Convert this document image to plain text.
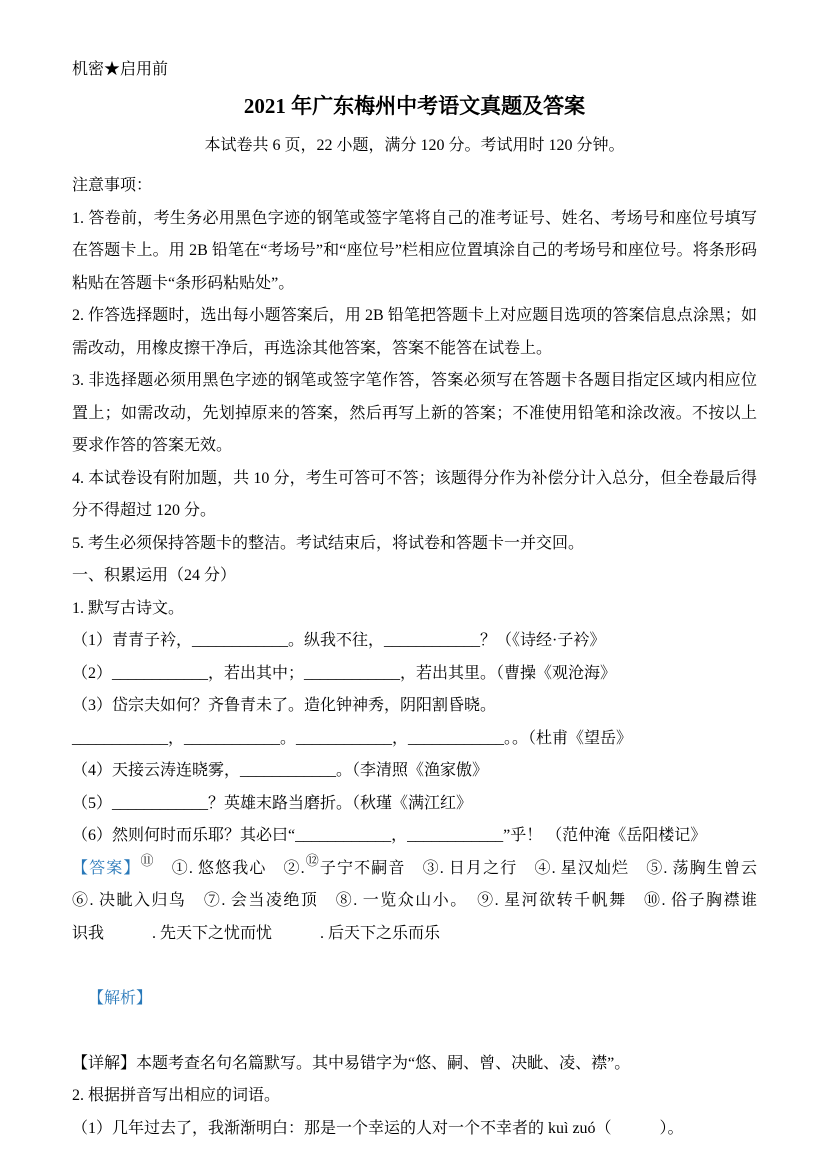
机密★启用前
2021 年广东梅州中考语文真题及答案
本试卷共 6 页，22 小题，满分 120 分。考试用时 120 分钟。
注意事项：
1. 答卷前，考生务必用黑色字迹的钢笔或签字笔将自己的准考证号、姓名、考场号和座位号填写在答题卡上。用 2B 铅笔在“考场号”和“座位号”栏相应位置填涂自己的考场号和座位号。将条形码粘贴在答题卡“条形码粘贴处”。
2. 作答选择题时，选出每小题答案后，用 2B 铅笔把答题卡上对应题目选项的答案信息点涂黑；如需改动，用橡皮擦干净后，再选涂其他答案，答案不能答在试卷上。
3. 非选择题必须用黑色字迹的钢笔或签字笔作答，答案必须写在答题卡各题目指定区域内相应位置上；如需改动，先划掉原来的答案，然后再写上新的答案；不准使用铅笔和涂改液。不按以上要求作答的答案无效。
4. 本试卷设有附加题，共 10 分，考生可答可不答；该题得分作为补偿分计入总分，但全卷最后得分不得超过 120 分。
5. 考生必须保持答题卡的整洁。考试结束后，将试卷和答题卡一并交回。
一、积累运用（24 分）
1. 默写古诗文。
（1）青青子衿，____________。纵我不往，____________？（《诗经·子衿》
（2）____________，若出其中；____________，若出其里。（曹操《观沧海》
（3）岱宗夫如何？齐鲁青未了。造化钟神秀，阴阳割昏晓。
____________，____________。____________，____________。。（杜甫《望岳》
（4）天接云涛连晓雾，____________。（李清照《渔家傲》
（5）____________？英雄末路当磨折。（秋瑾《满江红》
（6）然则何时而乐耶？其必曰“____________，____________”乎！ （范仲淹《岳阳楼记》
【答案】⑪　①. 悠悠我心　②.⑫子宁不嗣音　③. 日月之行　④. 星汉灿烂　⑤. 荡胸生曾云
⑥. 决眦入归鸟　⑦. 会当凌绝顶　⑧. 一览众山小。　⑨. 星河欲转千帆舞　⑩. 俗子胸襟谁
识我　　　. 先天下之忧而忧　　　. 后天下之乐而乐

【解析】

【详解】本题考查名句名篇默写。其中易错字为“悠、嗣、曾、决眦、凌、襟”。
2. 根据拼音写出相应的词语。
（1）几年过去了，我渐渐明白：那是一个幸运的人对一个不幸者的 kuì zuó（　　　）。
